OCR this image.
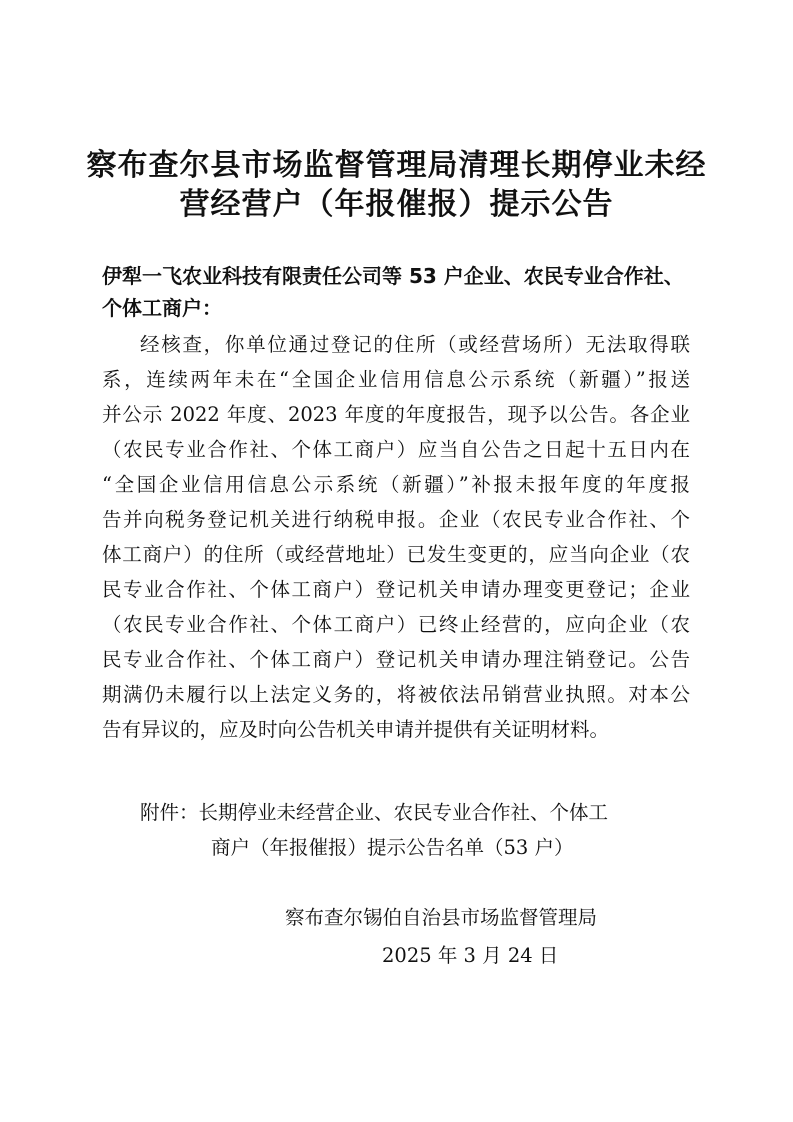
察布查尔县市场监督管理局清理长期停业未经
营经营户（年报催报）提示公告
伊犁一飞农业科技有限责任公司等 53 户企业、农民专业合作社、
个体工商户：
经核查，你单位通过登记的住所（或经营场所）无法取得联
系，连续两年未在“全国企业信用信息公示系统（新疆）”报送
并公示 2022 年度、2023 年度的年度报告，现予以公告。各企业
（农民专业合作社、个体工商户）应当自公告之日起十五日内在
“全国企业信用信息公示系统（新疆）”补报未报年度的年度报
告并向税务登记机关进行纳税申报。企业（农民专业合作社、个
体工商户）的住所（或经营地址）已发生变更的，应当向企业（农
民专业合作社、个体工商户）登记机关申请办理变更登记；企业
（农民专业合作社、个体工商户）已终止经营的，应向企业（农
民专业合作社、个体工商户）登记机关申请办理注销登记。公告
期满仍未履行以上法定义务的，将被依法吊销营业执照。对本公
告有异议的，应及时向公告机关申请并提供有关证明材料。
附件：长期停业未经营企业、农民专业合作社、个体工
商户（年报催报）提示公告名单（53 户）
察布查尔锡伯自治县市场监督管理局
2025 年 3 月 24 日
